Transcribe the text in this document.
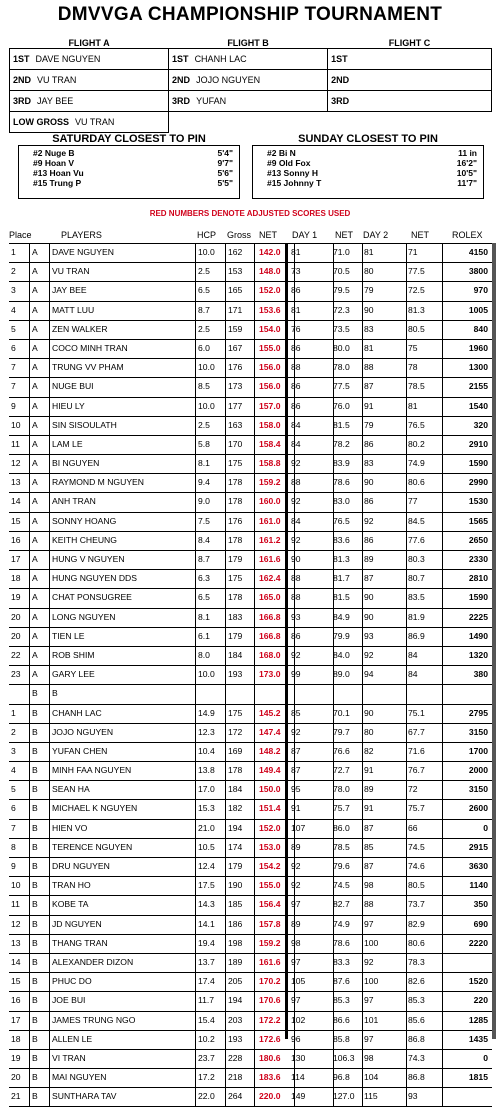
DMVVGA CHAMPIONSHIP TOURNAMENT
FLIGHT A	FLIGHT B	FLIGHT C
1ST DAVE NGUYEN	1ST CHANH LAC	1ST
2ND VU TRAN	2ND JOJO NGUYEN	2ND
3RD JAY BEE	3RD YUFAN	3RD
LOW GROSS VU TRAN		
SATURDAY CLOSEST TO PIN
#2 Nuge B	5'4"
#9 Hoan V	9'7"
#13 Hoan Vu	5'6"
#15 Trung P	5'5"
SUNDAY CLOSEST TO PIN
#2 Bi N	11 in
#9 Old Fox	16'2"
#13 Sonny H	10'5"
#15 Johnny T	11'7"
RED NUMBERS DENOTE ADJUSTED SCORES USED
Place	PLAYERS	HCP Gross NET DAY 1 NET DAY 2	NET	ROLEX
1 A DAVE NGUYEN	10.0 162 142.0 81	71.0 81	71	4150
2 A VU TRAN	2.5 153 148.0 73	70.5 80	77.5	3800
3 A JAY BEE	6.5 165 152.0 86	79.5 79	72.5	970
4 A MATT LUU	8.7 171 153.6 81	72.3 90	81.3	1005
5 A ZEN WALKER	2.5 159 154.0 76	73.5 83	80.5	840
6 A COCO MINH TRAN	6.0 167 155.0 86	80.0 81	75	1960
7 A TRUNG VV PHAM	10.0 176 156.0 88	78.0 88	78	1300
7 A NUGE BUI	8.5 173 156.0 86	77.5 87	78.5	2155
9 A HIEU LY	10.0 177 157.0 86	76.0 91	81	1540
10 A SIN SISOULATH	2.5 163 158.0 84	81.5 79	76.5	320
11 A LAM LE	5.8 170 158.4 84	78.2 86	80.2	2910
12 A BI NGUYEN	8.1 175 158.8 92	83.9 83	74.9	1590
13 A RAYMOND M NGUYEN	9.4 178 159.2 88	78.6 90	80.6	2990
14 A ANH TRAN	9.0 178 160.0 92	83.0 86	77	1530
15 A SONNY HOANG	7.5 176 161.0 84	76.5 92	84.5	1565
16 A KEITH CHEUNG	8.4 178 161.2 92	83.6 86	77.6	2650
17 A HUNG V NGUYEN	8.7 179 161.6 90	81.3 89	80.3	2330
18 A HUNG NGUYEN DDS	6.3 175 162.4 88	81.7 87	80.7	2810
19 A CHAT PONSUGREE	6.5 178 165.0 88	81.5 90	83.5	1590
20 A LONG NGUYEN	8.1 183 166.8 93	84.9 90	81.9	2225
20 A TIEN LE	6.1 179 166.8 86	79.9 93	86.9	1490
22 A ROB SHIM	8.0 184 168.0 92	84.0 92	84	1320
23 A GARY LEE	10.0 193 173.0 99	89.0 94	84	380
B B
1 B CHANH LAC	14.9 175 145.2 85	70.1 90	75.1	2795
2 B JOJO NGUYEN	12.3 172 147.4 92	79.7 80	67.7	3150
3 B YUFAN CHEN	10.4 169 148.2 87	76.6 82	71.6	1700
4 B MINH FAA NGUYEN	13.8 178 149.4 87	72.7 91	76.7	2000
5 B SEAN HA	17.0 184 150.0 95	78.0 89	72	3150
6 B MICHAEL K NGUYEN	15.3 182 151.4 91	75.7 91	75.7	2600
7 B HIEN VO	21.0 194 152.0 107	86.0 87	66	0
8 B TERENCE NGUYEN	10.5 174 153.0 89	78.5 85	74.5	2915
9 B DRU NGUYEN	12.4 179 154.2 92	79.6 87	74.6	3630
10 B TRAN HO	17.5 190 155.0 92	74.5 98	80.5	1140
11 B KOBE TA	14.3 185 156.4 97	82.7 88	73.7	350
12 B JD NGUYEN	14.1 186 157.8 89	74.9 97	82.9	690
13 B THANG TRAN	19.4 198 159.2 98	78.6 100	80.6	2220
14 B ALEXANDER DIZON	13.7 189 161.6 97	83.3 92	78.3
15 B PHUC DO	17.4 205 170.2 105	87.6 100	82.6	1520
16 B JOE BUI	11.7 194 170.6 97	85.3 97	85.3	220
17 B JAMES TRUNG NGO	15.4 203 172.2 102	86.6 101	85.6	1285
18 B ALLEN LE	10.2 193 172.6 96	85.8 97	86.8	1435
19 B VI TRAN	23.7 228 180.6 130	106.3 98	74.3	0
20 B MAI NGUYEN	17.2 218 183.6 114	96.8 104	86.8	1815
21 B SUNTHARA TAV	22.0 264 220.0 149	127.0 115	93
